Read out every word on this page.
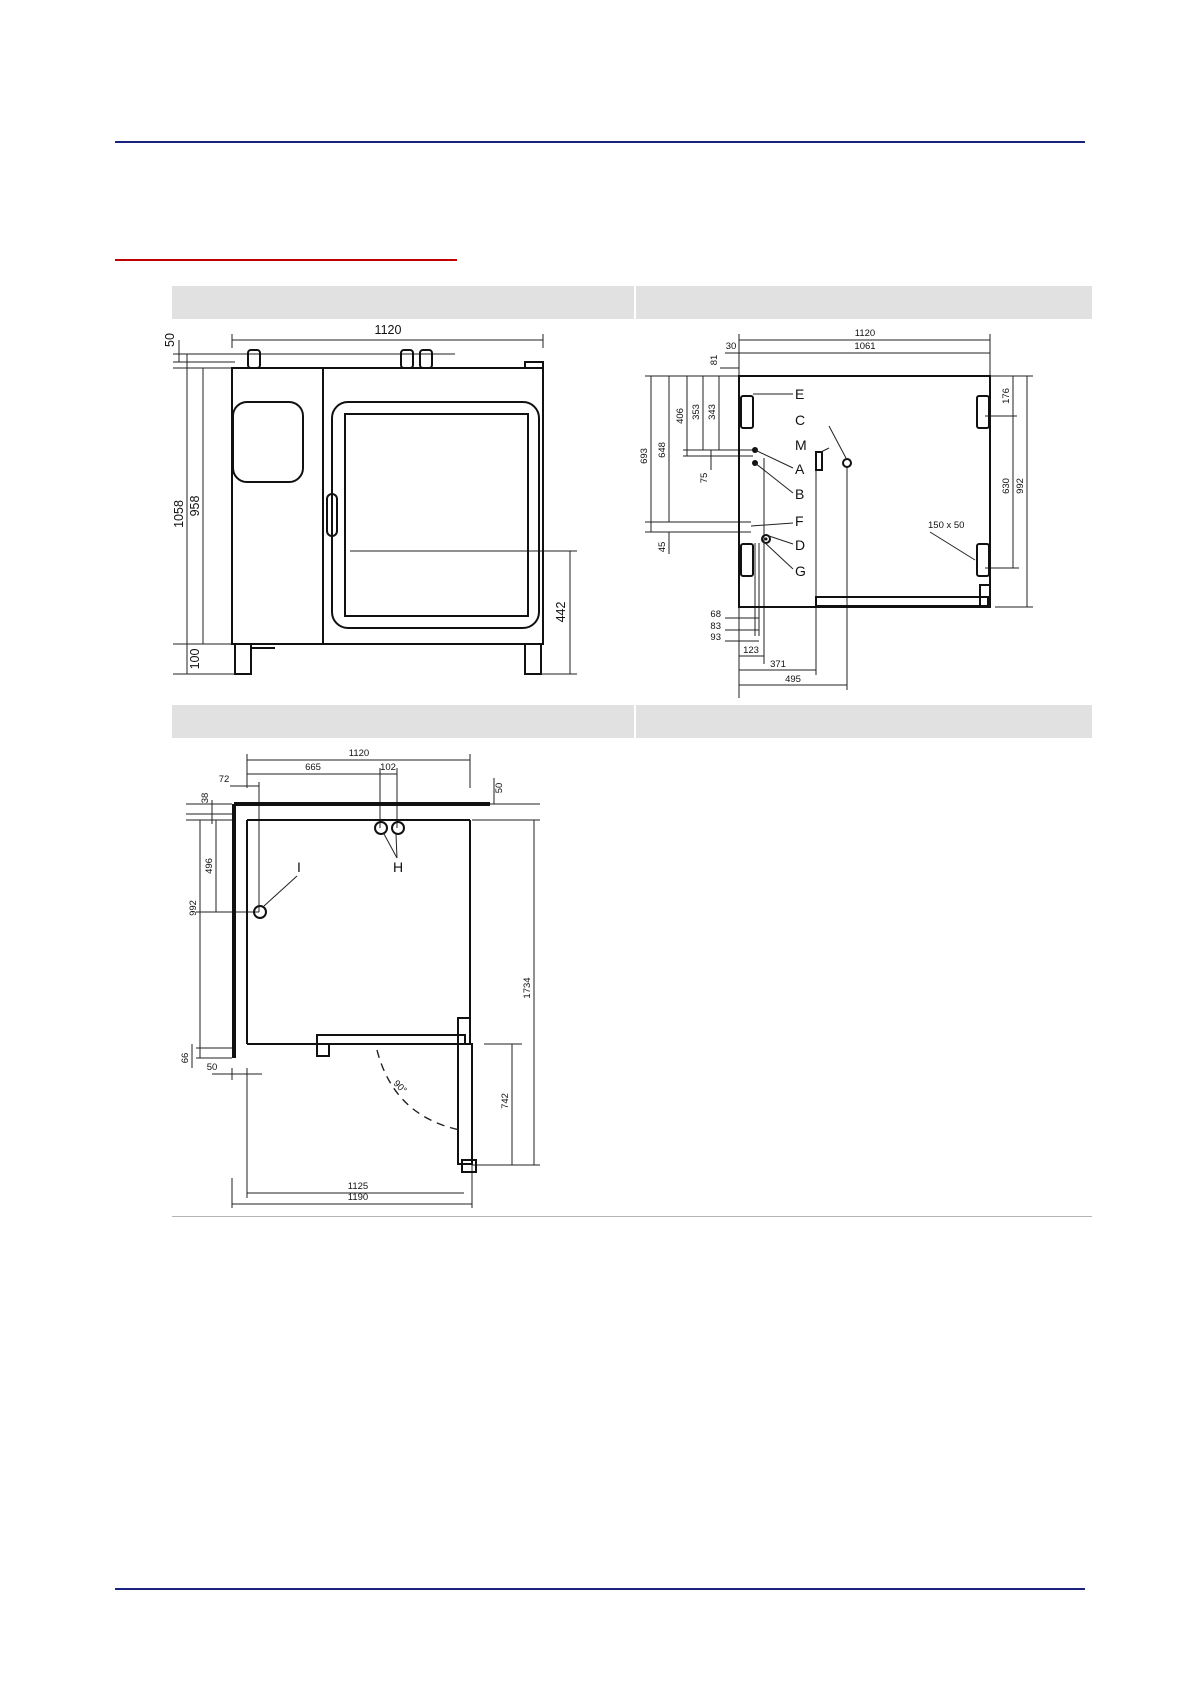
1120
50
1058 958
100
442
1120
1061
30
81
693 648
406 353 343
75
45
176
630 992
68
83
93
123
371
495
150 x 50
E
C
M
A
B
F
D
G
1120
665	102
72
38
50
496
992
1734
66
50
742
90°
1125
1190
H
I
